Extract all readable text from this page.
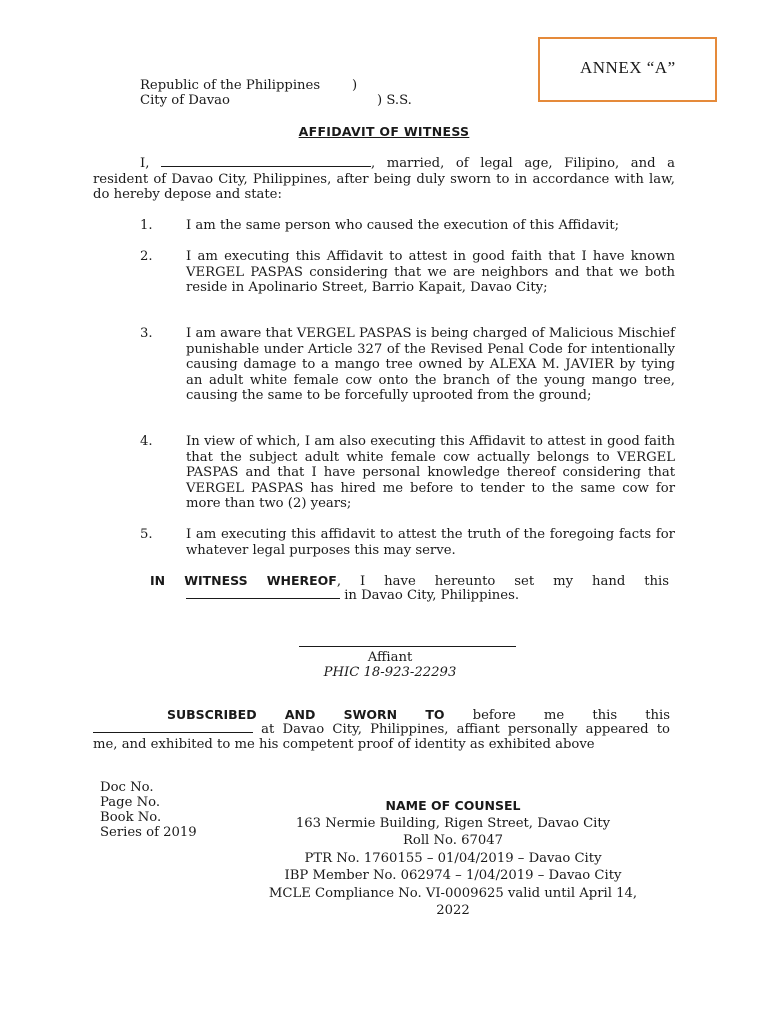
ANNEX “A”
Republic of the Philippines )
City of Davao	) S.S.
AFFIDAVIT OF WITNESS
I,	, married, of legal age, Filipino, and a resident of Davao City, Philippines, after being duly sworn to in accordance with law, do hereby depose and state:
1.	I am the same person who caused the execution of this Affidavit;
2.	I am executing this Affidavit to attest in good faith that I have known VERGEL PASPAS considering that we are neighbors and that we both reside in Apolinario Street, Barrio Kapait, Davao City;
3.	I am aware that VERGEL PASPAS is being charged of Malicious Mischief punishable under Article 327 of the Revised Penal Code for intentionally causing damage to a mango tree owned by ALEXA M. JAVIER by tying an adult white female cow onto the branch of the young mango tree, causing the same to be forcefully uprooted from the ground;
4.	In view of which, I am also executing this Affidavit to attest in good faith that the subject adult white female cow actually belongs to VERGEL PASPAS and that I have personal knowledge thereof considering that VERGEL PASPAS has hired me before to tender to the same cow for more than two (2) years;
5.	I am executing this affidavit to attest the truth of the foregoing facts for whatever legal purposes this may serve.
IN WITNESS WHEREOF, I have hereunto set my hand this
in Davao City, Philippines.
Affiant
PHIC 18-923-22293
SUBSCRIBED AND SWORN TO before me this this
at Davao City, Philippines, affiant personally appeared to
me, and exhibited to me his competent proof of identity as exhibited above
Doc No.
Page No.
Book No.
Series of 2019
NAME OF COUNSEL
163 Nermie Building, Rigen Street, Davao City
Roll No. 67047
PTR No. 1760155 – 01/04/2019 – Davao City
IBP Member No. 062974 – 1/04/2019 – Davao City
MCLE Compliance No. VI-0009625 valid until April 14,
2022
